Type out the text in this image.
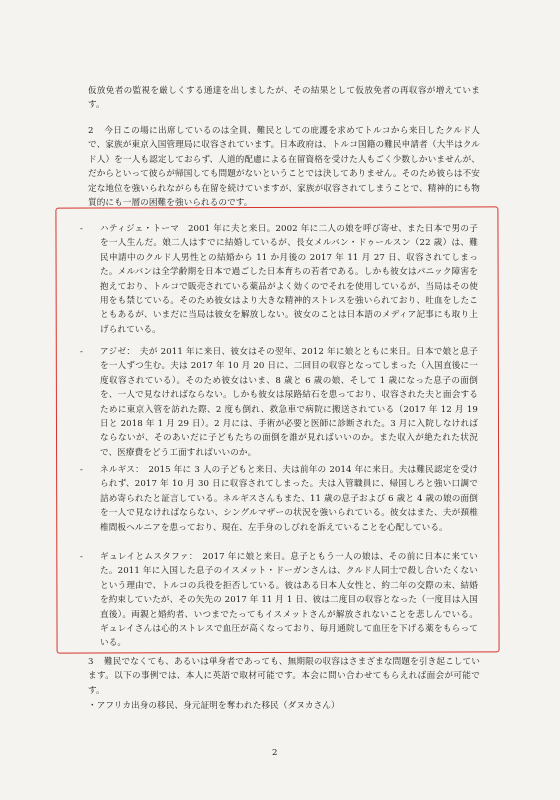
仮放免者の監視を厳しくする通達を出しましたが、その結果として仮放免者の再収容が増えています。
2 今日この場に出席しているのは全員、難民としての庇護を求めてトルコから来日したクルド人で、家族が東京入国管理局に収容されています。日本政府は、トルコ国籍の難民申請者（大半はクルド人）を一人も認定しておらず、人道的配慮による在留資格を受けた人もごく少数しかいませんが、だからといって彼らが帰国しても問題がないということでは決してありません。そのため彼らは不安定な地位を強いられながらも在留を続けていますが、家族が収容されてしまうことで、精神的にも物質的にも一層の困難を強いられるのです。
- ハティジェ・トーマ　2001 年に夫と来日。2002 年に二人の娘を呼び寄せ、また日本で男の子を一人生んだ。娘二人はすでに結婚しているが、長女メルバン・ドゥールスン（22 歳）は、難民申請中のクルド人男性との結婚から 11 か月後の 2017 年 11 月 27 日、収容されてしまった。メルバンは全学齢期を日本で過ごした日本育ちの若者である。しかも彼女はパニック障害を抱えており、トルコで販売されている薬品がよく効くのでそれを使用しているが、当局はその使用をも禁じている。そのため彼女はより大きな精神的ストレスを強いられており、吐血をしたこともあるが、いまだに当局は彼女を解放しない。彼女のことは日本語のメディア記事にも取り上げられている。
- アジゼ：　夫が 2011 年に来日、彼女はその翌年、2012 年に娘とともに来日。日本で娘と息子を一人ずつ生む。夫は 2017 年 10 月 20 日に、二回目の収容となってしまった（入国直後に一度収容されている）。そのため彼女はいま、8 歳と 6 歳の娘、そして 1 歳になった息子の面倒を、一人で見なければならない。しかも彼女は尿路結石を患っており、収容された夫と面会するために東京入管を訪れた際、2 度も倒れ、救急車で病院に搬送されている（2017 年 12 月 19 日と 2018 年 1 月 29 日）。2 月には、手術が必要と医師に診断された。3 月に入院しなければならないが、そのあいだに子どもたちの面倒を誰が見ればいいのか。また収入が絶たれた状況で、医療費をどう工面すればいいのか。
- ネルギス：　2015 年に 3 人の子どもと来日、夫は前年の 2014 年に来日。夫は難民認定を受けられず、2017 年 10 月 30 日に収容されてしまった。夫は入管職員に、帰国しろと強い口調で詰め寄られたと証言している。ネルギスさんもまた、11 歳の息子および 6 歳と 4 歳の娘の面倒を一人で見なければならない、シングルマザーの状況を強いられている。彼女はまた、夫が頚椎椎間板ヘルニアを患っており、現在、左手身のしびれを訴えていることを心配している。
- ギュレイとムスタファ：　2017 年に娘と来日。息子ともう一人の娘は、その前に日本に来ていた。2011 年に入国した息子のイスメット・ドーガンさんは、クルド人同士で殺し合いたくないという理由で、トルコの兵役を拒否している。彼はある日本人女性と、約二年の交際の末、結婚を約束していたが、その矢先の 2017 年 11 月 1 日、彼は二度目の収容となった（一度目は入国直後）。両親と婚約者、いつまでたってもイスメットさんが解放されないことを悲しんでいる。ギュレイさんは心的ストレスで血圧が高くなっており、毎月通院して血圧を下げる薬をもらっている。
3 難民でなくても、あるいは単身者であっても、無期限の収容はさまざまな問題を引き起こしています。以下の事例では、本人に英語で取材可能です。本会に問い合わせてもらえれば面会が可能です。
・アフリカ出身の移民、身元証明を奪われた移民（ダヌカさん）
2
